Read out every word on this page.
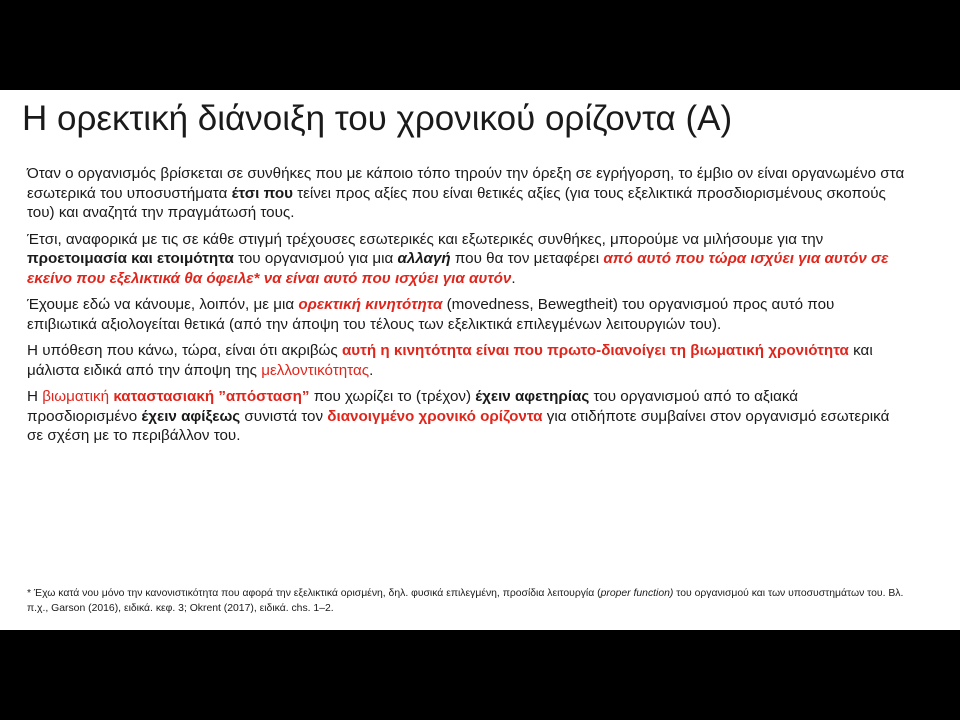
Η ορεκτική διάνοιξη του χρονικού ορίζοντα (Α)

Όταν ο οργανισμός βρίσκεται σε συνθήκες που με κάποιο τόπο τηρούν την όρεξη σε εγρήγορση, το έμβιο ον είναι οργανωμένο στα εσωτερικά του υποσυστήματα έτσι που τείνει προς αξίες που είναι θετικές αξίες (για τους εξελικτικά προσδιορισμένους σκοπούς του) και αναζητά την πραγμάτωσή τους.

Έτσι, αναφορικά με τις σε κάθε στιγμή τρέχουσες εσωτερικές και εξωτερικές συνθήκες, μπορούμε να μιλήσουμε για την προετοιμασία και ετοιμότητα του οργανισμού για μια αλλαγή που θα τον μεταφέρει από αυτό που τώρα ισχύει για αυτόν σε εκείνο που εξελικτικά θα όφειλε* να είναι αυτό που ισχύει για αυτόν.

Έχουμε εδώ να κάνουμε, λοιπόν, με μια ορεκτική κινητότητα (movedness, Bewegtheit) του οργανισμού προς αυτό που επιβιωτικά αξιολογείται θετικά (από την άποψη του τέλους των εξελικτικά επιλεγμένων λειτουργιών του).

Η υπόθεση που κάνω, τώρα, είναι ότι ακριβώς αυτή η κινητότητα είναι που πρωτο-διανοίγει τη βιωματική χρονιότητα και μάλιστα ειδικά από την άποψη της μελλοντικότητας.

Η βιωματική καταστασιακή ”απόσταση” που χωρίζει το (τρέχον) έχειν αφετηρίας του οργανισμού από το αξιακά προσδιορισμένο έχειν αφίξεως συνιστά τον διανοιγμένο χρονικό ορίζοντα για οτιδήποτε συμβαίνει στον οργανισμό εσωτερικά σε σχέση με το περιβάλλον του.

* Έχω κατά νου μόνο την κανονιστικότητα που αφορά την εξελικτικά ορισμένη, δηλ. φυσικά επιλεγμένη, προσίδια λειτουργία (proper function) του οργανισμού και των υποσυστημάτων του. Βλ. π.χ., Garson (2016), ειδικά. κεφ. 3; Okrent (2017), ειδικά. chs. 1–2.
